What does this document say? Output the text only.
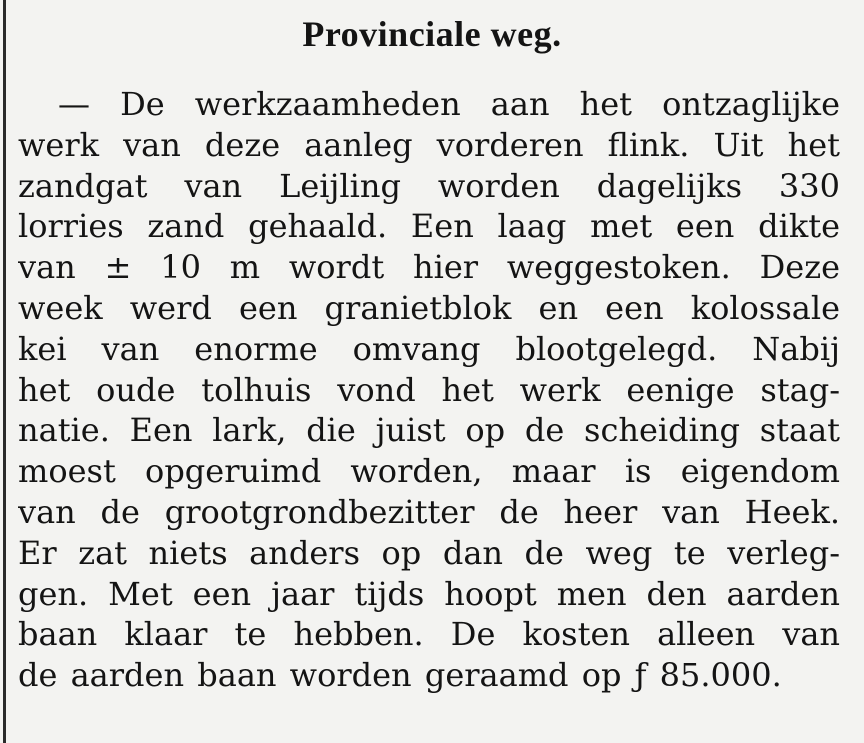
Provinciale weg.
— De werkzaamheden aan het ontzaglijke
werk van deze aanleg vorderen flink. Uit het
zandgat van Leijling worden dagelijks 330
lorries zand gehaald. Een laag met een dikte
van ± 10 m wordt hier weggestoken. Deze
week werd een granietblok en een kolossale
kei van enorme omvang blootgelegd. Nabij
het oude tolhuis vond het werk eenige stag-
natie. Een lark, die juist op de scheiding staat
moest opgeruimd worden, maar is eigendom
van de grootgrondbezitter de heer van Heek.
Er zat niets anders op dan de weg te verleg-
gen. Met een jaar tijds hoopt men den aarden
baan klaar te hebben. De kosten alleen van
de aarden baan worden geraamd op ƒ 85.000.
